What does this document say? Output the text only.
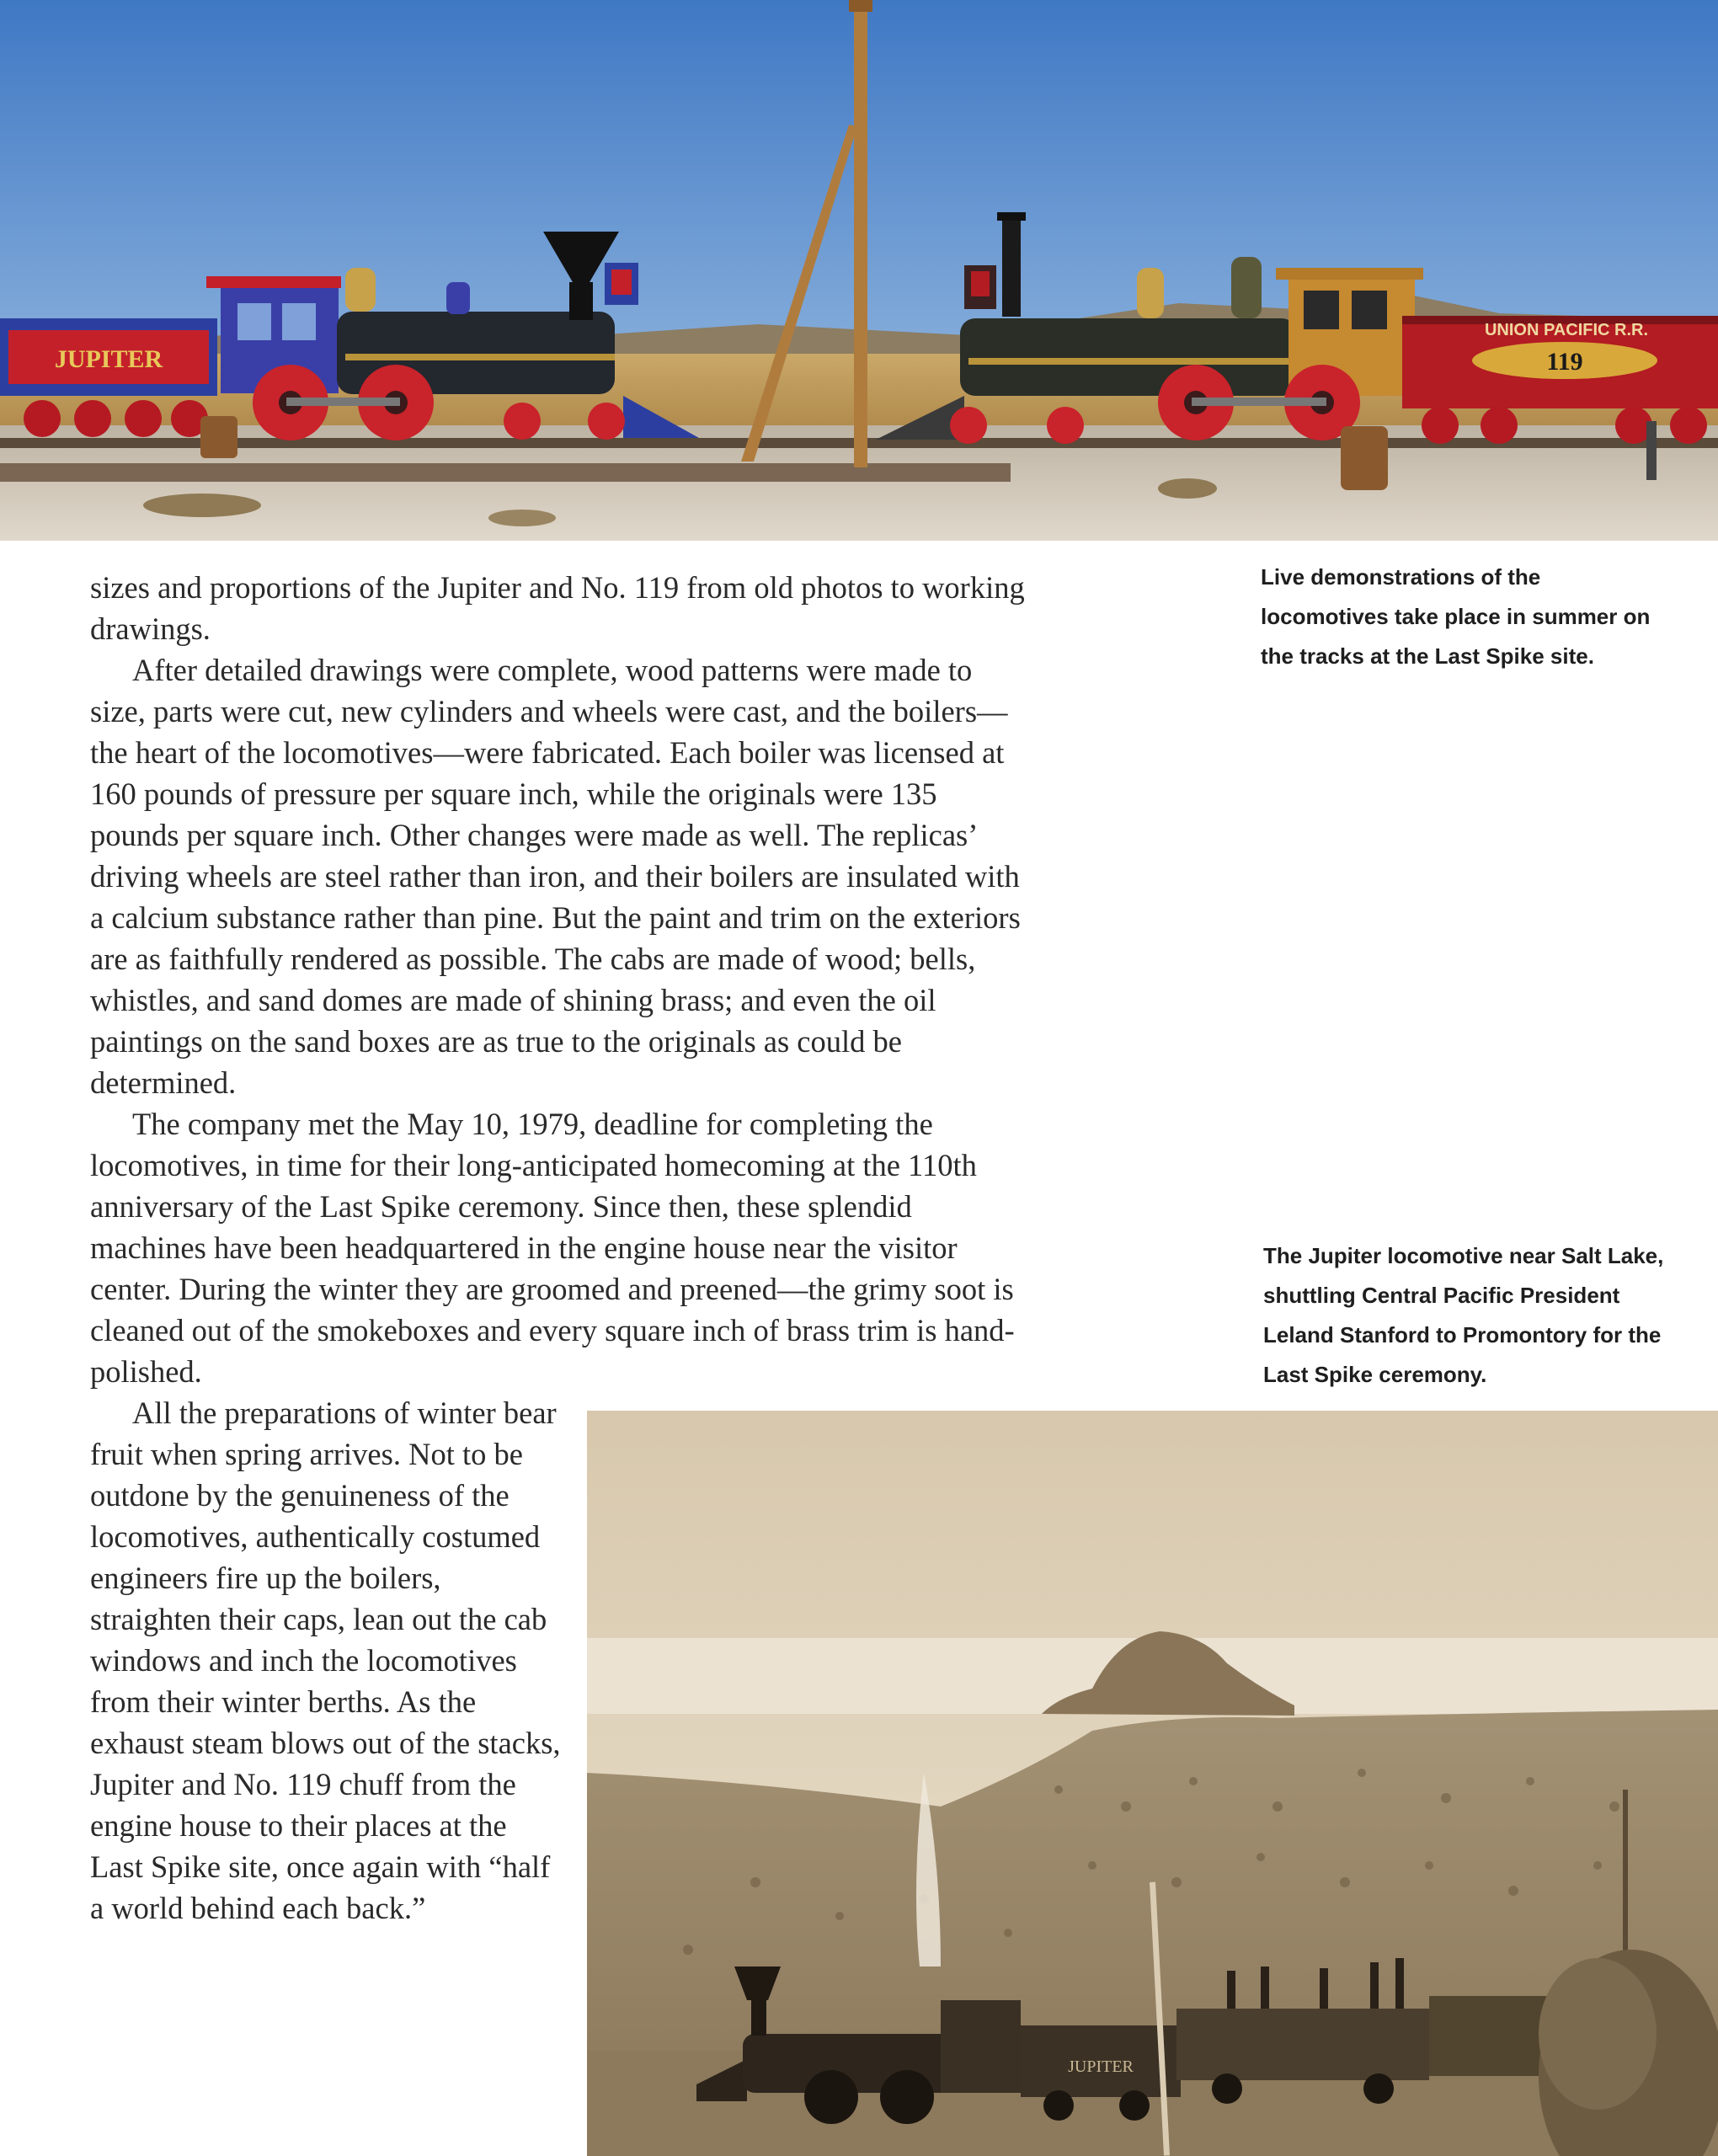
JUPITER
UNION PACIFIC R.R.
119
Live demonstrations of the locomotives take place in summer on the tracks at the Last Spike site.
The Jupiter locomotive near Salt Lake, shuttling Central Pacific President Leland Stanford to Promontory for the Last Spike ceremony.

sizes and proportions of the Jupiter and No. 119 from old photos to working drawings.

After detailed drawings were complete, wood patterns were made to size, parts were cut, new cylinders and wheels were cast, and the boilers—the heart of the locomotives—were fabricated. Each boiler was licensed at 160 pounds of pressure per square inch, while the originals were 135 pounds per square inch. Other changes were made as well. The replicas’ driving wheels are steel rather than iron, and their boilers are insulated with a calcium substance rather than pine. But the paint and trim on the exteriors are as faithfully rendered as possible. The cabs are made of wood; bells, whistles, and sand domes are made of shining brass; and even the oil paintings on the sand boxes are as true to the originals as could be determined.

The company met the May 10, 1979, deadline for completing the locomotives, in time for their long-anticipated homecoming at the 110th anniversary of the Last Spike ceremony. Since then, these splendid machines have been headquartered in the engine house near the visitor center. During the winter they are groomed and preened—the grimy soot is cleaned out of the smokeboxes and every square inch of brass trim is hand-polished.

All the preparations of winter bear fruit when spring arrives. Not to be outdone by the genuineness of the locomotives, authentically costumed engineers fire up the boilers, straighten their caps, lean out the cab windows and inch the locomotives from their winter berths. As the exhaust steam blows out of the stacks, Jupiter and No. 119 chuff from the engine house to their places at the Last Spike site, once again with “half a world behind each back.”

JUPITER
